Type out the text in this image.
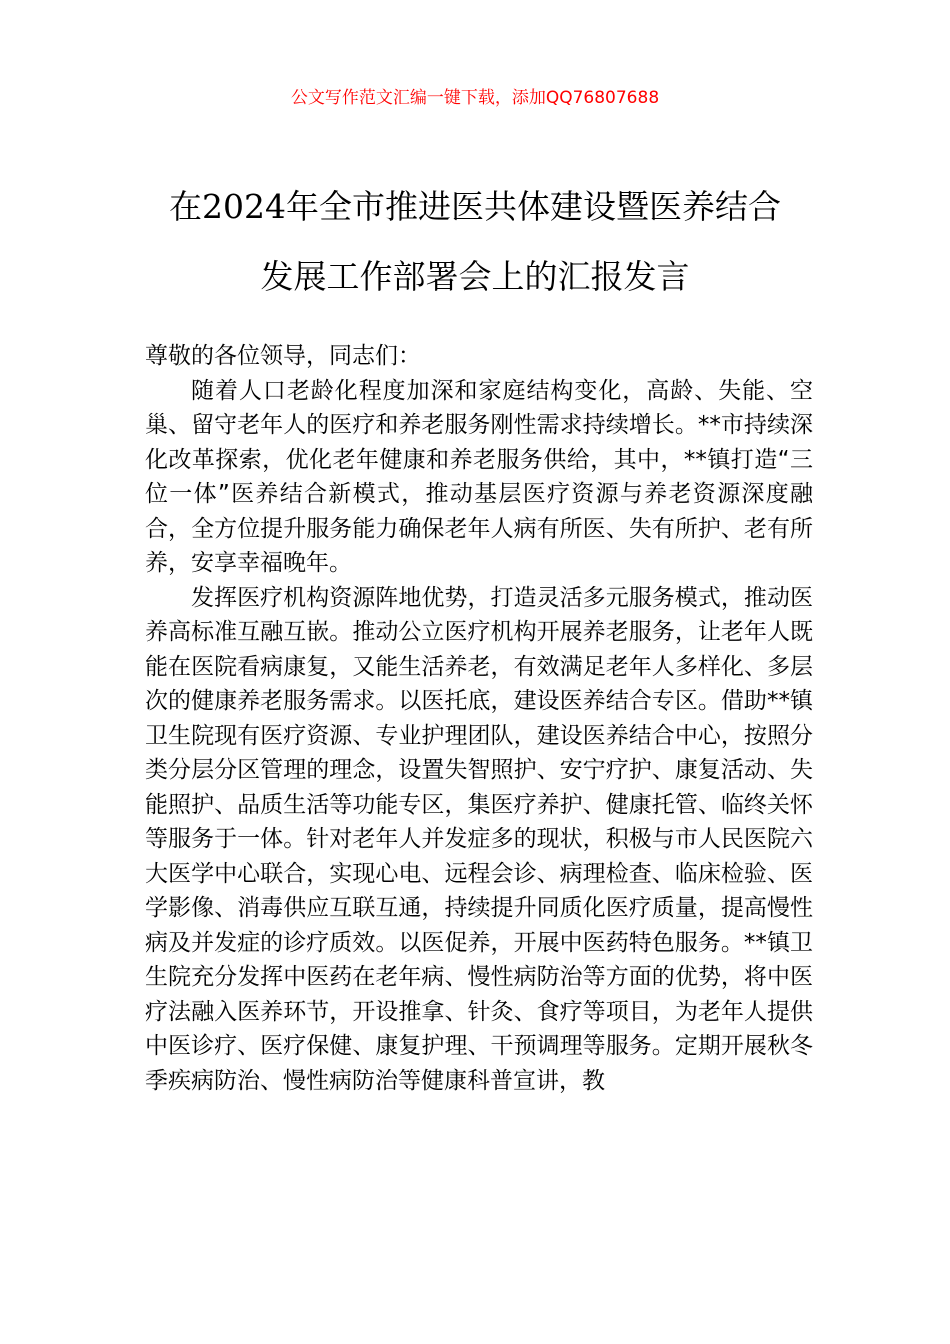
公文写作范文汇编一键下载，添加QQ76807688
在2024年全市推进医共体建设暨医养结合
发展工作部署会上的汇报发言

尊敬的各位领导，同志们：

随着人口老龄化程度加深和家庭结构变化，高龄、失能、空巢、留守老年人的医疗和养老服务刚性需求持续增长。**市持续深化改革探索，优化老年健康和养老服务供给，其中，**镇打造“三位一体”医养结合新模式，推动基层医疗资源与养老资源深度融合，全方位提升服务能力确保老年人病有所医、失有所护、老有所养，安享幸福晚年。

发挥医疗机构资源阵地优势，打造灵活多元服务模式，推动医养高标准互融互嵌。推动公立医疗机构开展养老服务，让老年人既能在医院看病康复，又能生活养老，有效满足老年人多样化、多层次的健康养老服务需求。以医托底，建设医养结合专区。借助**镇卫生院现有医疗资源、专业护理团队，建设医养结合中心，按照分类分层分区管理的理念，设置失智照护、安宁疗护、康复活动、失能照护、品质生活等功能专区，集医疗养护、健康托管、临终关怀等服务于一体。针对老年人并发症多的现状，积极与市人民医院六大医学中心联合，实现心电、远程会诊、病理检查、临床检验、医学影像、消毒供应互联互通，持续提升同质化医疗质量，提高慢性病及并发症的诊疗质效。以医促养，开展中医药特色服务。**镇卫生院充分发挥中医药在老年病、慢性病防治等方面的优势，将中医疗法融入医养环节，开设推拿、针灸、食疗等项目，为老年人提供中医诊疗、医疗保健、康复护理、干预调理等服务。定期开展秋冬季疾病防治、慢性病防治等健康科普宣讲，教
